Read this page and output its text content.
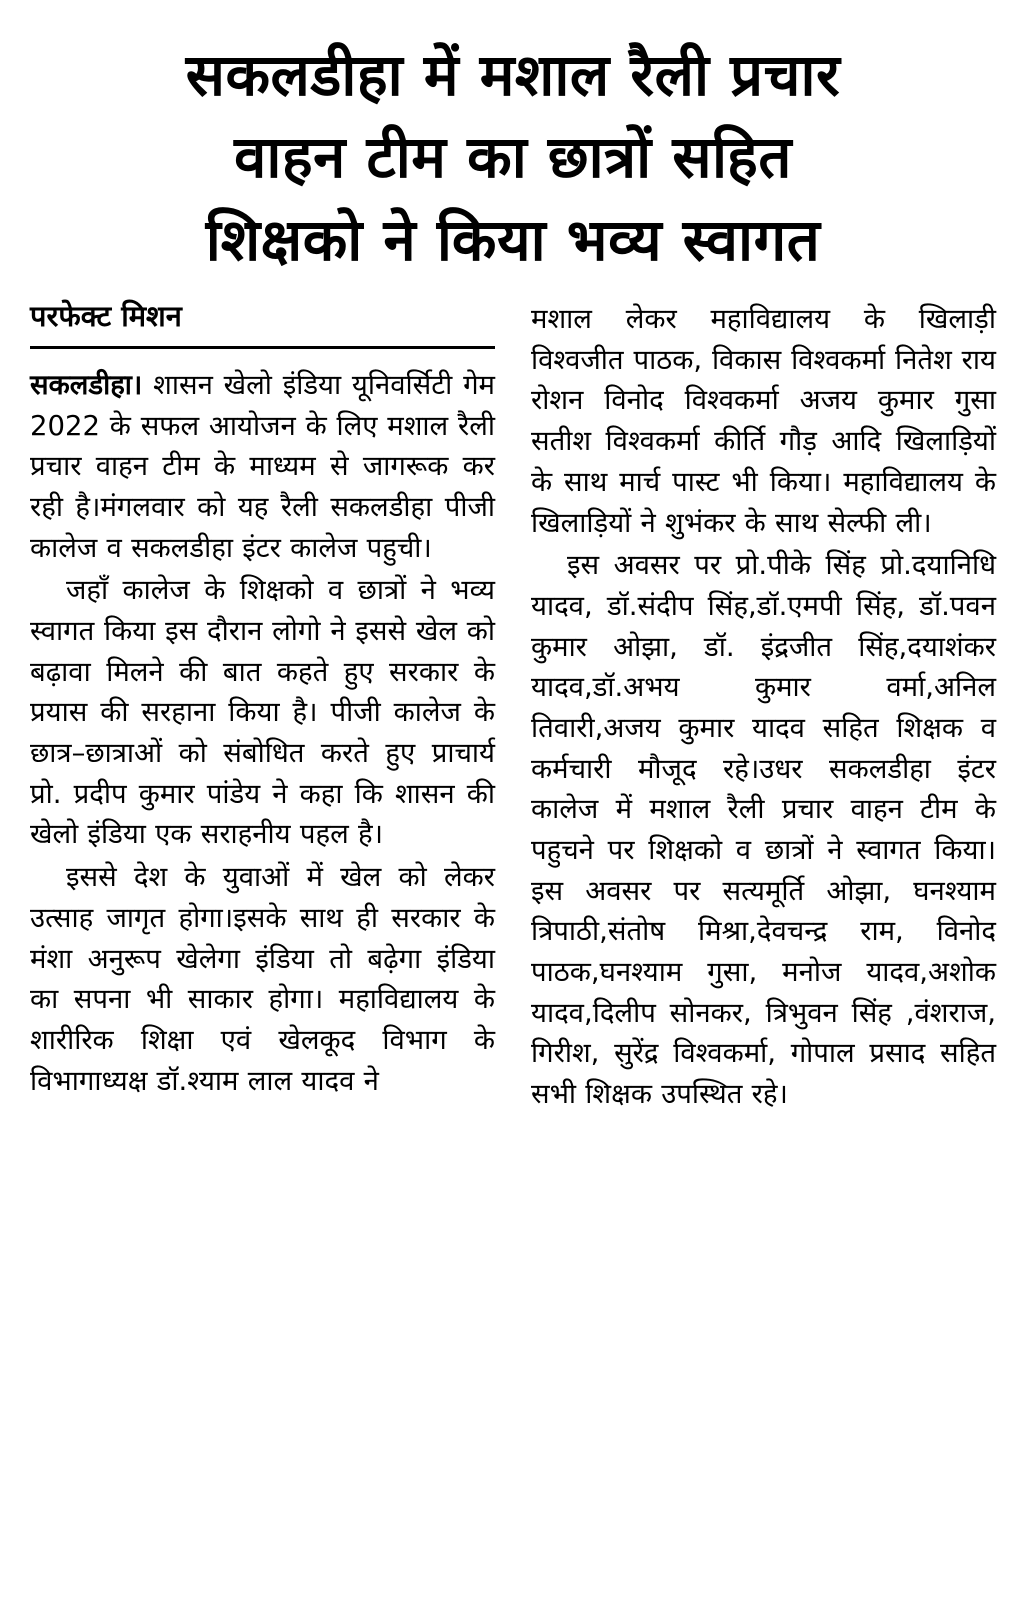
सकलडीहा में मशाल रैली प्रचार
वाहन टीम का छात्रों सहित
शिक्षको ने किया भव्य स्वागत
परफेक्ट मिशन

सकलडीहा। शासन खेलो इंडिया यूनिवर्सिटी गेम 2022 के सफल आयोजन के लिए मशाल रैली प्रचार वाहन टीम के माध्यम से जागरूक कर रही है।मंगलवार को यह रैली सकलडीहा पीजी कालेज व सकलडीहा इंटर कालेज पहुची।

जहाँ कालेज के शिक्षको व छात्रों ने भव्य स्वागत किया इस दौरान लोगो ने इससे खेल को बढ़ावा मिलने की बात कहते हुए सरकार के प्रयास की सरहाना किया है। पीजी कालेज के छात्र–छात्राओं को संबोधित करते हुए प्राचार्य प्रो. प्रदीप कुमार पांडेय ने कहा कि शासन की खेलो इंडिया एक सराहनीय पहल है।

इससे देश के युवाओं में खेल को लेकर उत्साह जागृत होगा।इसके साथ ही सरकार के मंशा अनुरूप खेलेगा इंडिया तो बढ़ेगा इंडिया का सपना भी साकार होगा। महाविद्यालय के शारीरिक शिक्षा एवं खेलकूद विभाग के विभागाध्यक्ष डॉ.श्याम लाल यादव ने

मशाल लेकर महाविद्यालय के खिलाड़ी विश्वजीत पाठक, विकास विश्वकर्मा नितेश राय रोशन विनोद विश्वकर्मा अजय कुमार गुसा सतीश विश्वकर्मा कीर्ति गौड़ आदि खिलाड़ियों के साथ मार्च पास्ट भी किया। महाविद्यालय के खिलाड़ियों ने शुभंकर के साथ सेल्फी ली।

इस अवसर पर प्रो.पीके सिंह प्रो.दयानिधि यादव, डॉ.संदीप सिंह,डॉ.एमपी सिंह, डॉ.पवन कुमार ओझा, डॉ. इंद्रजीत सिंह,दयाशंकर यादव,डॉ.अभय कुमार वर्मा,अनिल तिवारी,अजय कुमार यादव सहित शिक्षक व कर्मचारी मौजूद रहे।उधर सकलडीहा इंटर कालेज में मशाल रैली प्रचार वाहन टीम के पहुचने पर शिक्षको व छात्रों ने स्वागत किया। इस अवसर पर सत्यमूर्ति ओझा, घनश्याम त्रिपाठी,संतोष मिश्रा,देवचन्द्र राम, विनोद पाठक,घनश्याम गुसा, मनोज यादव,अशोक यादव,दिलीप सोनकर, त्रिभुवन सिंह ,वंशराज, गिरीश, सुरेंद्र विश्वकर्मा, गोपाल प्रसाद सहित सभी शिक्षक उपस्थित रहे।
